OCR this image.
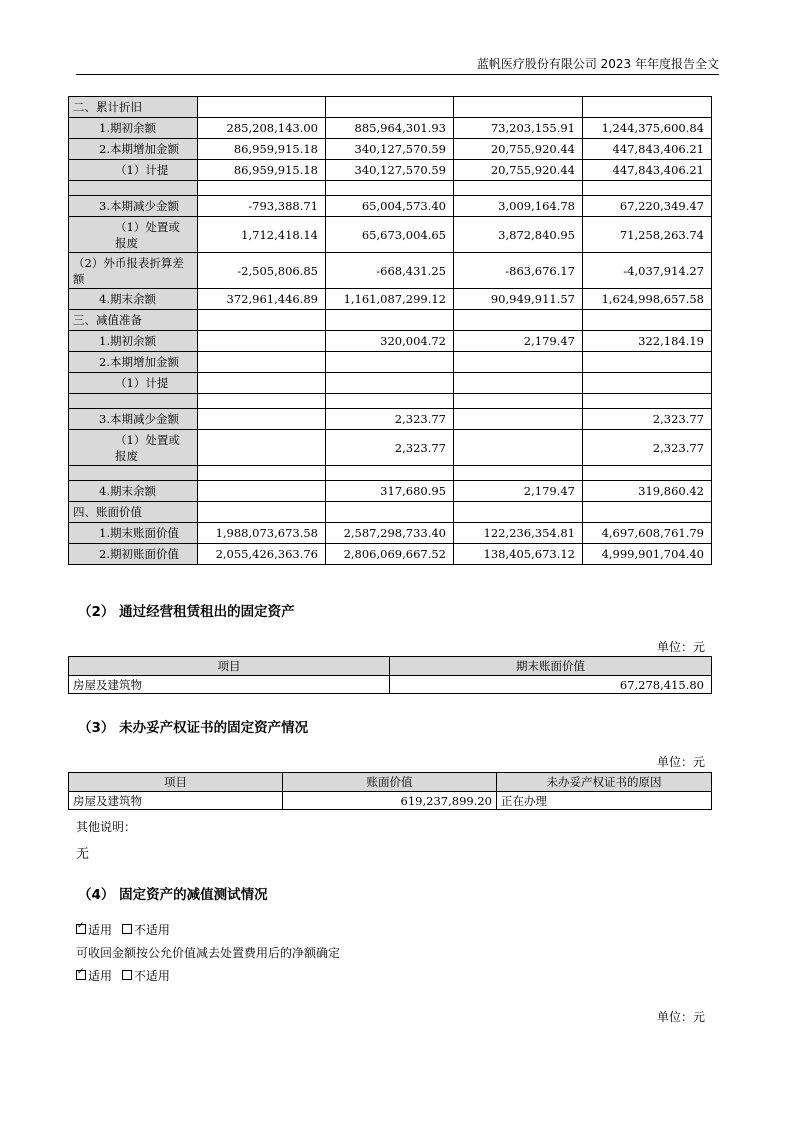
蓝帆医疗股份有限公司 2023 年年度报告全文
二、累计折旧				
1.期初余额	285,208,143.00	885,964,301.93	73,203,155.91	1,244,375,600.84
2.本期增加金额	86,959,915.18	340,127,570.59	20,755,920.44	447,843,406.21
（1）计提	86,959,915.18	340,127,570.59	20,755,920.44	447,843,406.21

3.本期减少金额	-793,388.71	65,004,573.40	3,009,164.78	67,220,349.47
（1）处置或报废	1,712,418.14	65,673,004.65	3,872,840.95	71,258,263.74
（2）外币报表折算差额	-2,505,806.85	-668,431.25	-863,676.17	-4,037,914.27
4.期末余额	372,961,446.89	1,161,087,299.12	90,949,911.57	1,624,998,657.58
三、减值准备				
1.期初余额		320,004.72	2,179.47	322,184.19
2.本期增加金额				
（1）计提				

3.本期减少金额		2,323.77		2,323.77
（1）处置或报废		2,323.77		2,323.77

4.期末余额		317,680.95	2,179.47	319,860.42
四、账面价值				
1.期末账面价值	1,988,073,673.58	2,587,298,733.40	122,236,354.81	4,697,608,761.79
2.期初账面价值	2,055,426,363.76	2,806,069,667.52	138,405,673.12	4,999,901,704.40
（2） 通过经营租赁租出的固定资产
单位：元
项目	期末账面价值
房屋及建筑物	67,278,415.80
（3） 未办妥产权证书的固定资产情况
单位：元
项目	账面价值	未办妥产权证书的原因
房屋及建筑物	619,237,899.20	正在办理
其他说明：
无
（4） 固定资产的减值测试情况
✓适用 不适用
可收回金额按公允价值减去处置费用后的净额确定
✓适用 不适用
单位：元
